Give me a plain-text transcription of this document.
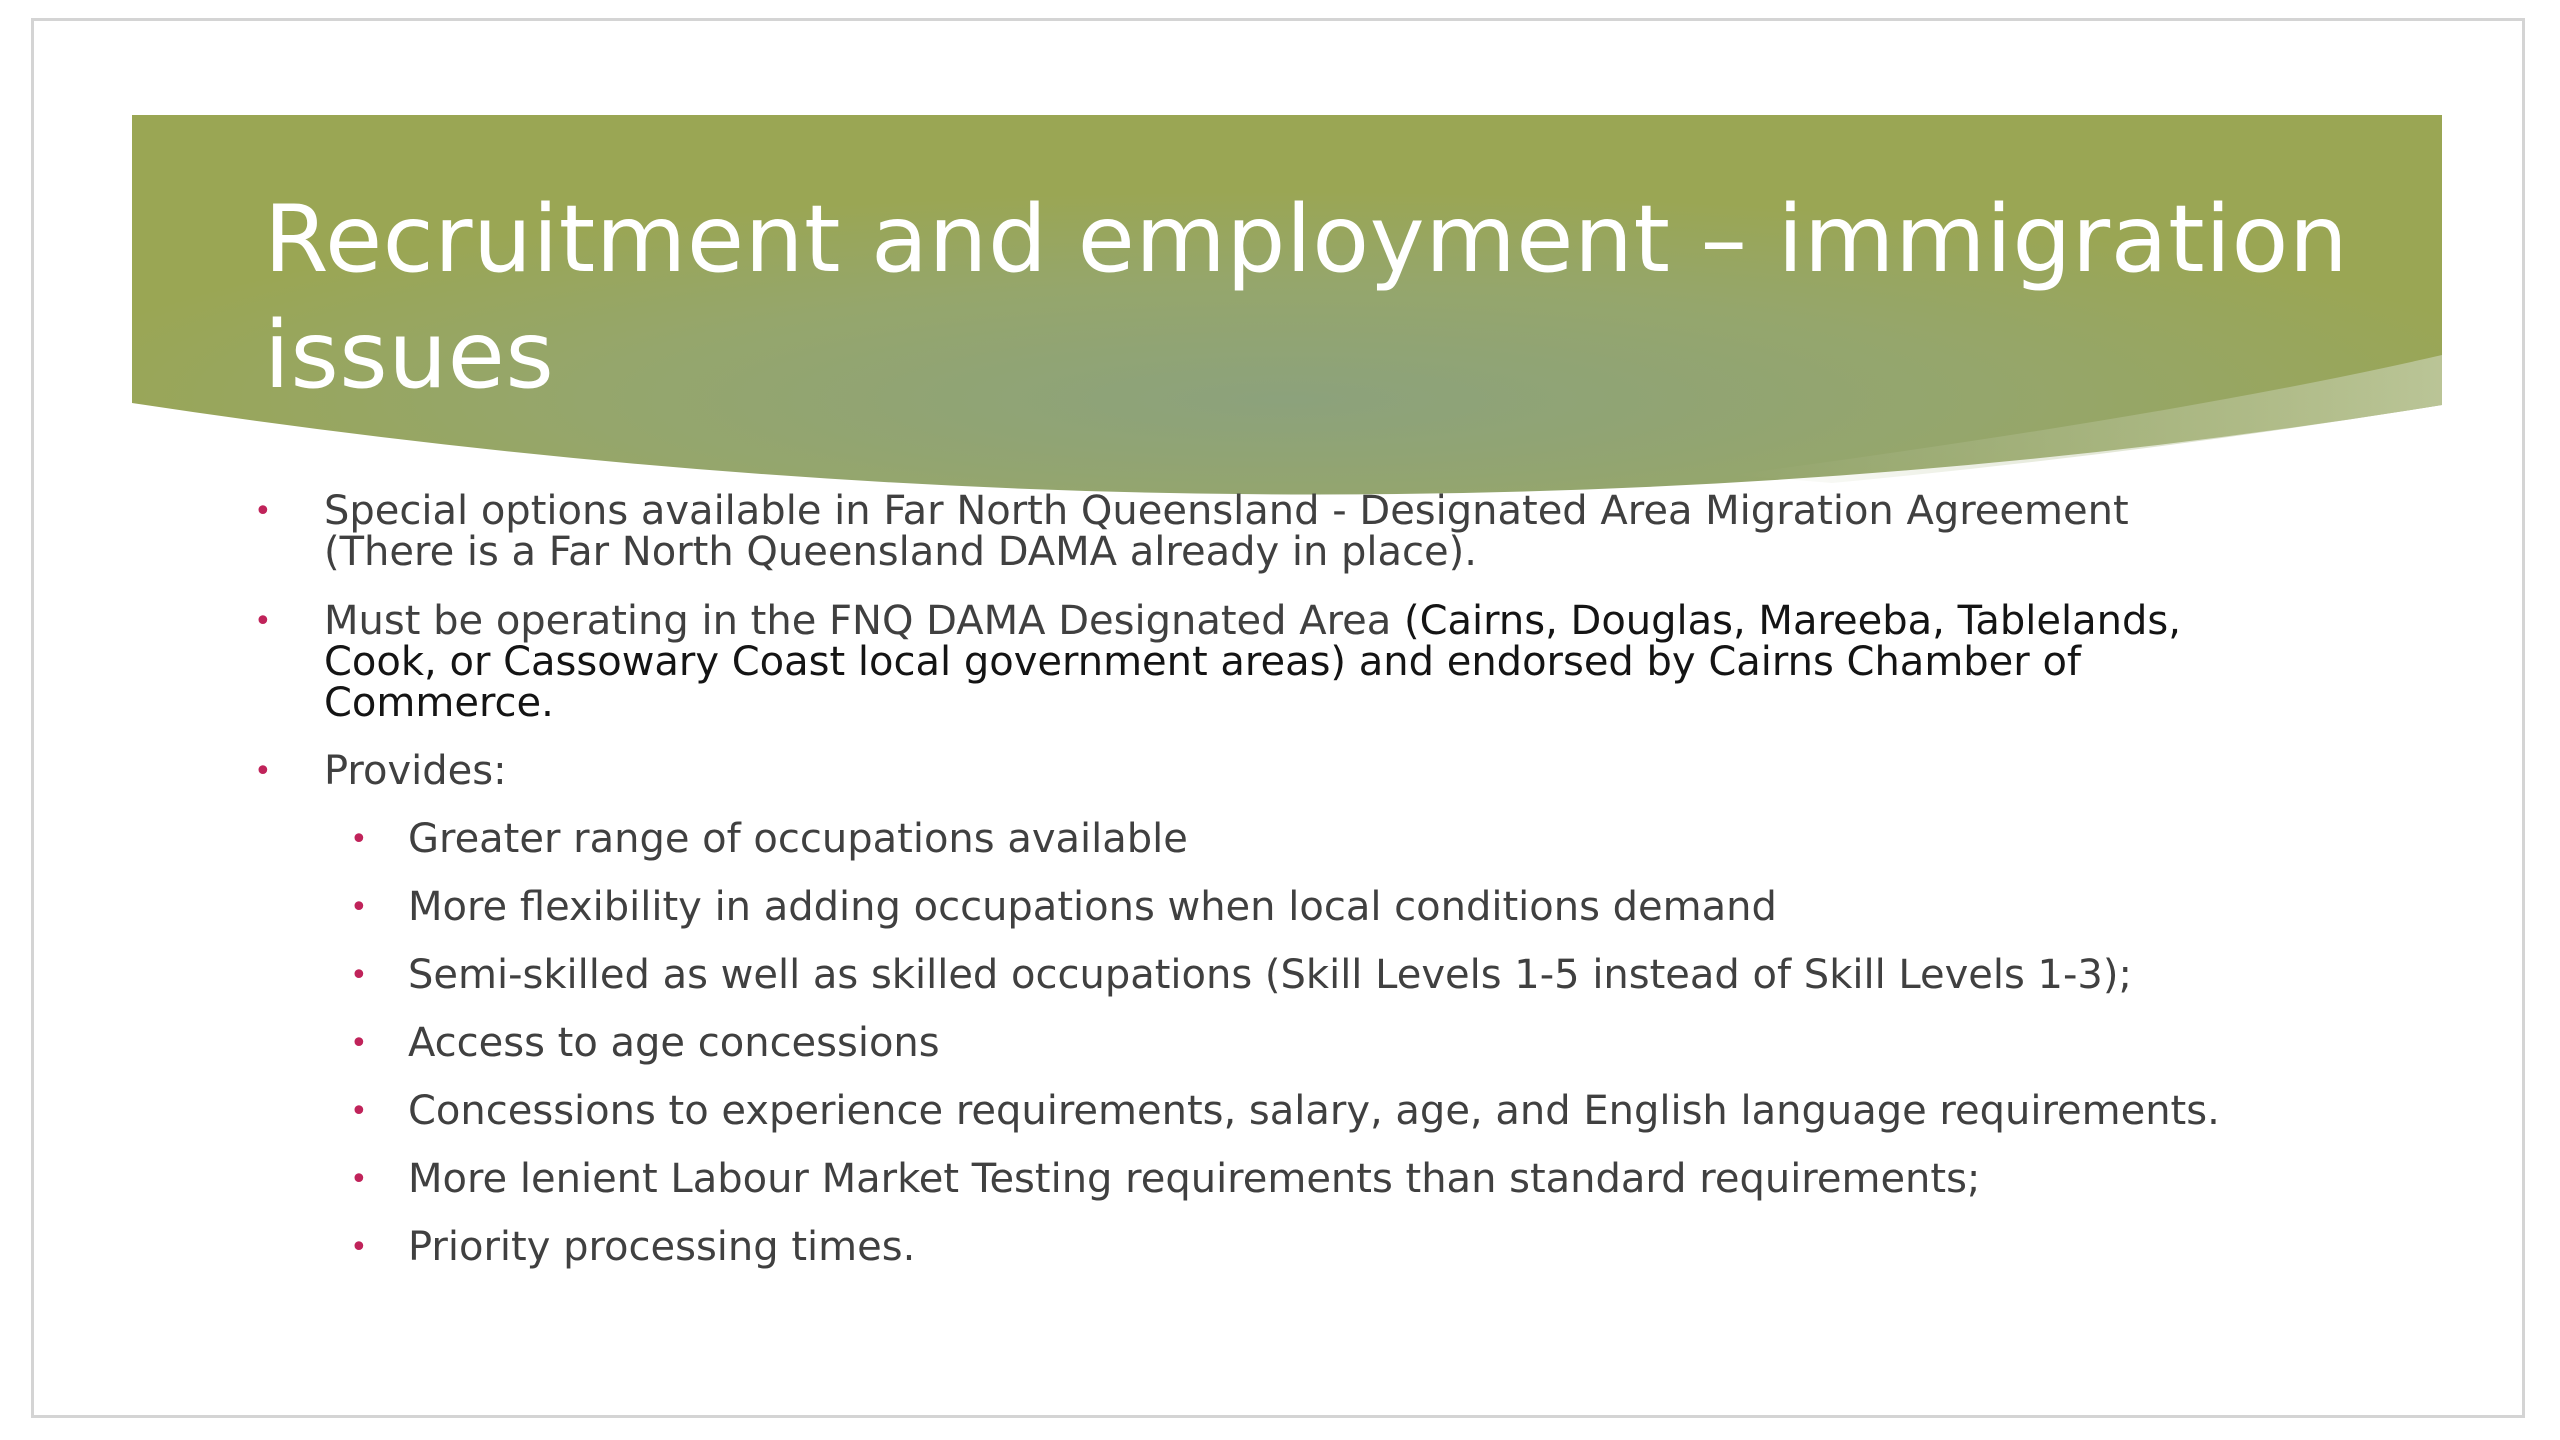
Recruitment and employment – immigration issues
• Special options available in Far North Queensland - Designated Area Migration Agreement
(There is a Far North Queensland DAMA already in place).
• Must be operating in the FNQ DAMA Designated Area (Cairns, Douglas, Mareeba, Tablelands,
Cook, or Cassowary Coast local government areas) and endorsed by Cairns Chamber of
Commerce.
• Provides:
• Greater range of occupations available
• More flexibility in adding occupations when local conditions demand
• Semi-skilled as well as skilled occupations (Skill Levels 1-5 instead of Skill Levels 1-3);
• Access to age concessions
• Concessions to experience requirements, salary, age, and English language requirements.
• More lenient Labour Market Testing requirements than standard requirements;
• Priority processing times.
